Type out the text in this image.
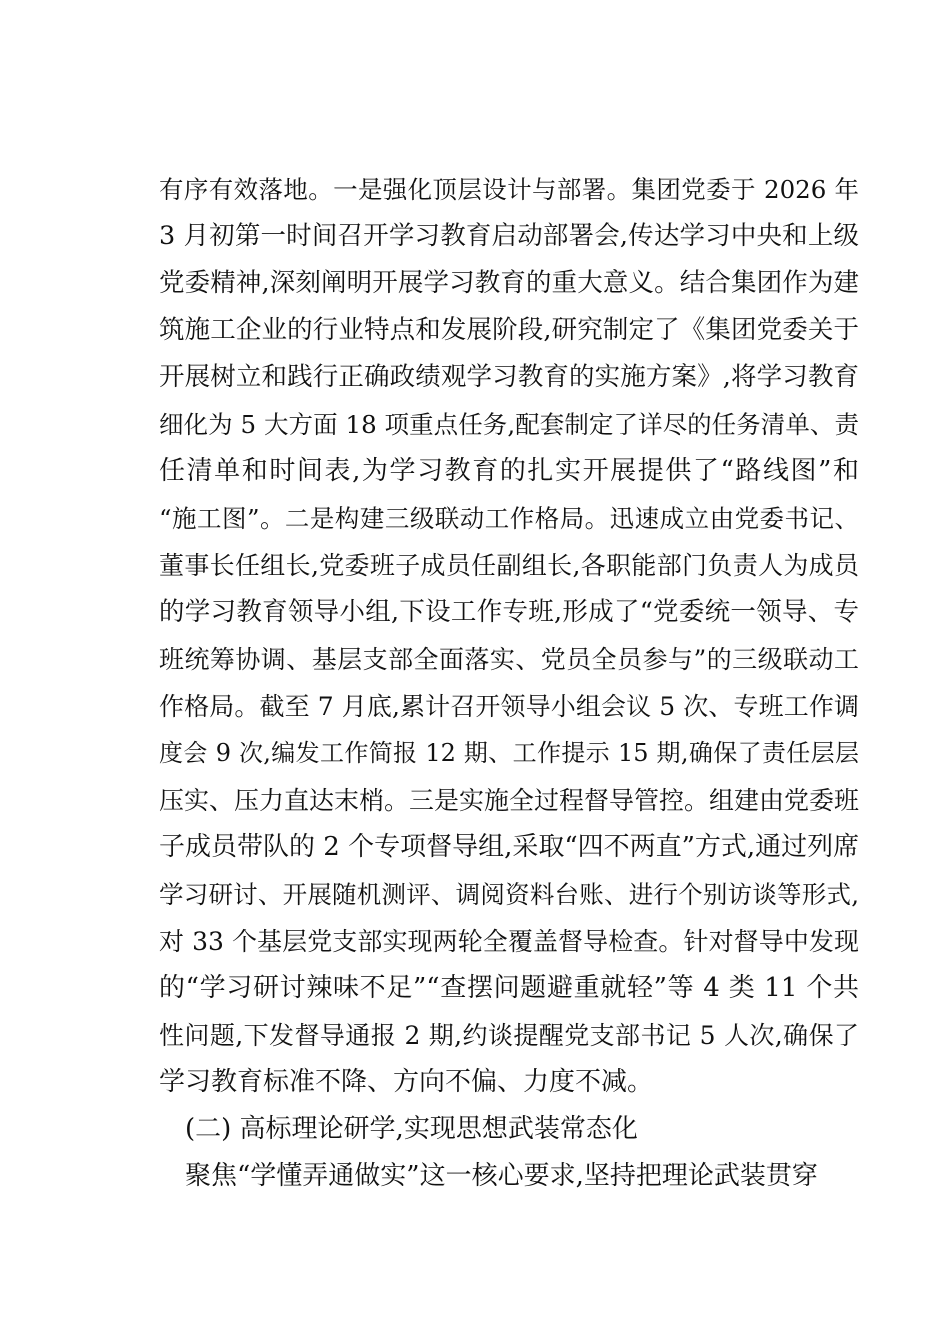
有序有效落地。一是强化顶层设计与部署。集团党委于 2026 年
3 月初第一时间召开学习教育启动部署会,传达学习中央和上级
党委精神,深刻阐明开展学习教育的重大意义。结合集团作为建
筑施工企业的行业特点和发展阶段,研究制定了《集团党委关于
开展树立和践行正确政绩观学习教育的实施方案》,将学习教育
细化为 5 大方面 18 项重点任务,配套制定了详尽的任务清单、责
任清单和时间表,为学习教育的扎实开展提供了“路线图”和
“施工图”。二是构建三级联动工作格局。迅速成立由党委书记、
董事长任组长,党委班子成员任副组长,各职能部门负责人为成员
的学习教育领导小组,下设工作专班,形成了“党委统一领导、专
班统筹协调、基层支部全面落实、党员全员参与”的三级联动工
作格局。截至 7 月底,累计召开领导小组会议 5 次、专班工作调
度会 9 次,编发工作简报 12 期、工作提示 15 期,确保了责任层层
压实、压力直达末梢。三是实施全过程督导管控。组建由党委班
子成员带队的 2 个专项督导组,采取“四不两直”方式,通过列席
学习研讨、开展随机测评、调阅资料台账、进行个别访谈等形式,
对 33 个基层党支部实现两轮全覆盖督导检查。针对督导中发现
的“学习研讨辣味不足”“查摆问题避重就轻”等 4 类 11 个共
性问题,下发督导通报 2 期,约谈提醒党支部书记 5 人次,确保了
学习教育标准不降、方向不偏、力度不减。
(二) 高标理论研学,实现思想武装常态化
聚焦“学懂弄通做实”这一核心要求,坚持把理论武装贯穿
